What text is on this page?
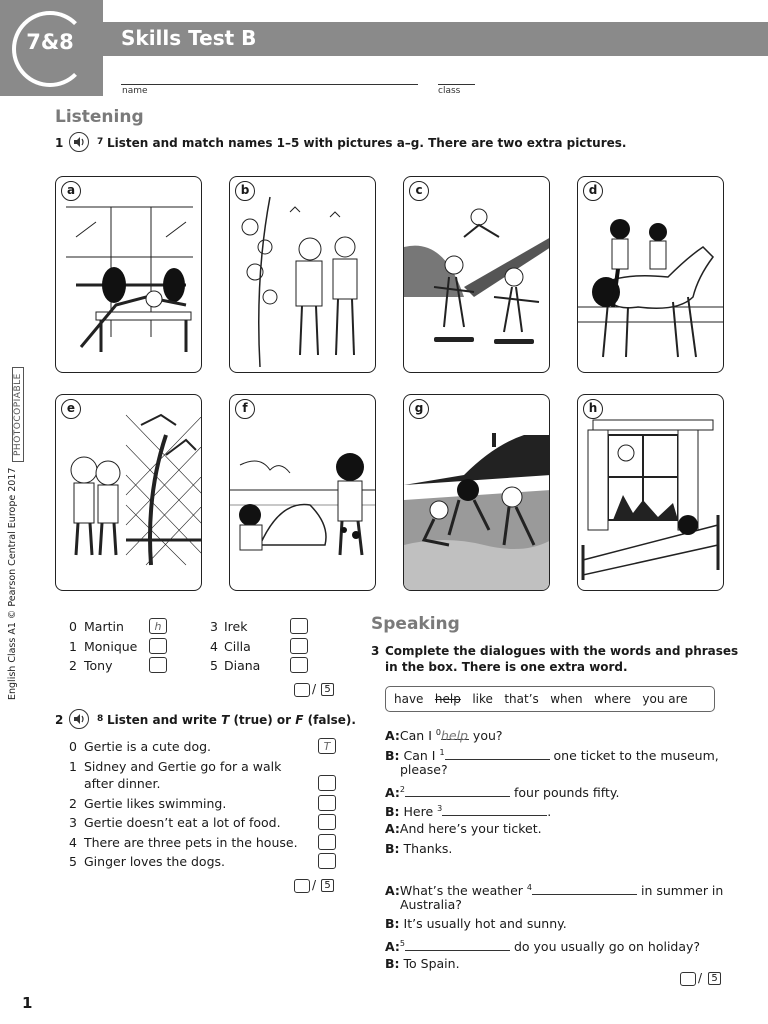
7&8	Skills Test B
name	class
English Class A1 © Pearson Central Europe 2017
PHOTOCOPIABLE
Listening
1	7 Listen and match names 1–5 with pictures a–g. There are two extra pictures.
a	b	c	d
e	f	g	h
0 Martin	h
1 Monique
2 Tony
3 Irek
4 Cilla
5 Diana
/ 5
2	8 Listen and write T (true) or F (false).
0 Gertie is a cute dog.	T
1 Sidney and Gertie go for a walk
after dinner.
2 Gertie likes swimming.
3 Gertie doesn’t eat a lot of food.
4 There are three pets in the house.
5 Ginger loves the dogs.
/ 5
Speaking
3 Complete the dialogues with the words and phrases
in the box. There is one extra word.
have help like that’s when where you are
A:Can I $^0$help you?
B: Can I $^1$	one ticket to the museum,
please?
A:$^2$	four pounds fifty.
B: Here $^3$	.
A:And here’s your ticket.
B: Thanks.
A:What’s the weather $^4$	in summer in
Australia?
B: It’s usually hot and sunny.
A:$^5$	do you usually go on holiday?
B: To Spain.
/ 5
1
